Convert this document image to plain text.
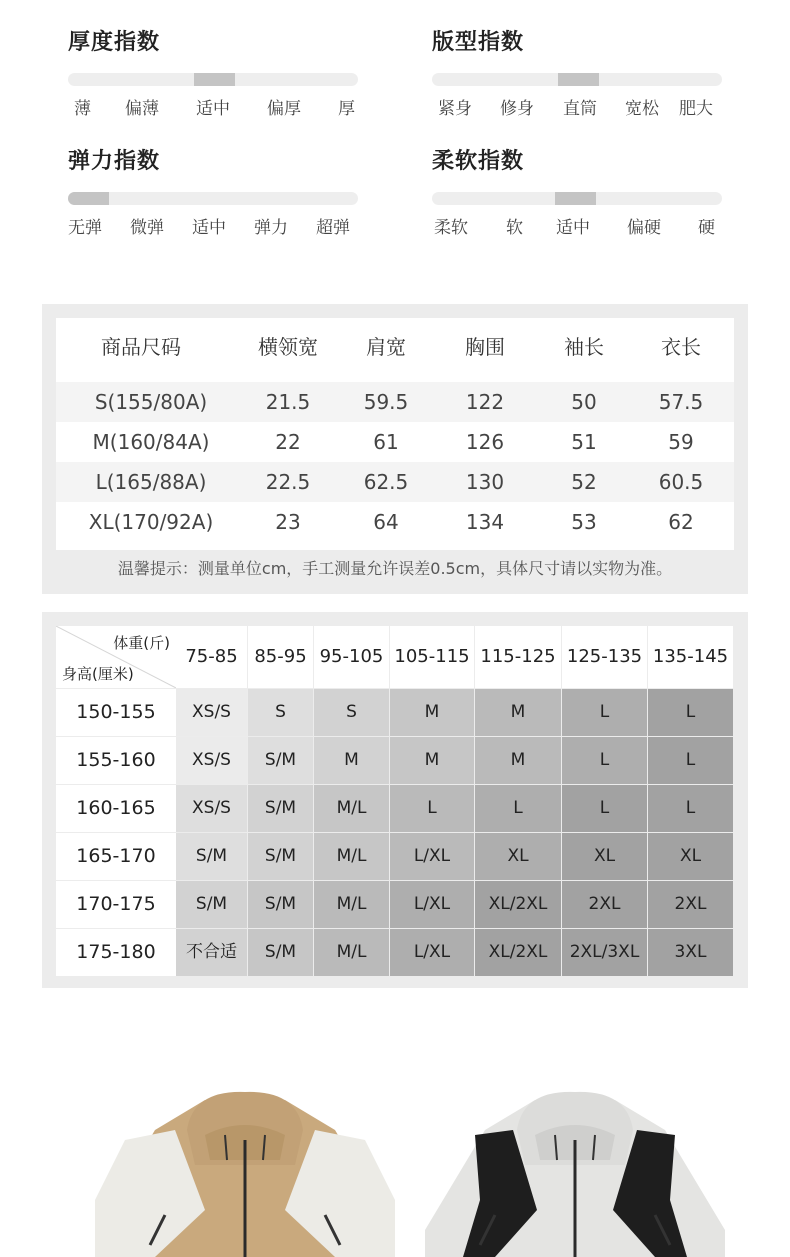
厚度指数
薄 偏薄 适中 偏厚 厚
版型指数
紧身 修身 直筒 宽松 肥大
弹力指数
无弹 微弹 适中 弹力 超弹
柔软指数
柔软 软 适中 偏硬 硬
商品尺码	横领宽	肩宽	胸围	袖长	衣长
S(155/80A)	21.5	59.5	122	50	57.5
M(160/84A)	22	61	126	51	59
L(165/88A)	22.5	62.5	130	52	60.5
XL(170/92A)	23	64	134	53	62
温馨提示：测量单位cm，手工测量允许误差0.5cm，具体尺寸请以实物为准。
体重(斤)
身高(厘米)
75-85 85-95 95-105 105-115 115-125 125-135 135-145
150-155	XS/S	S	S	M	M	L	L
155-160	XS/S	S/M	M	M	M	L	L
160-165	XS/S	S/M	M/L	L	L	L	L
165-170	S/M	S/M	M/L	L/XL	XL	XL	XL
170-175	S/M	S/M	M/L	L/XL	XL/2XL	2XL	2XL
175-180	不合适	S/M	M/L	L/XL	XL/2XL	2XL/3XL	3XL
